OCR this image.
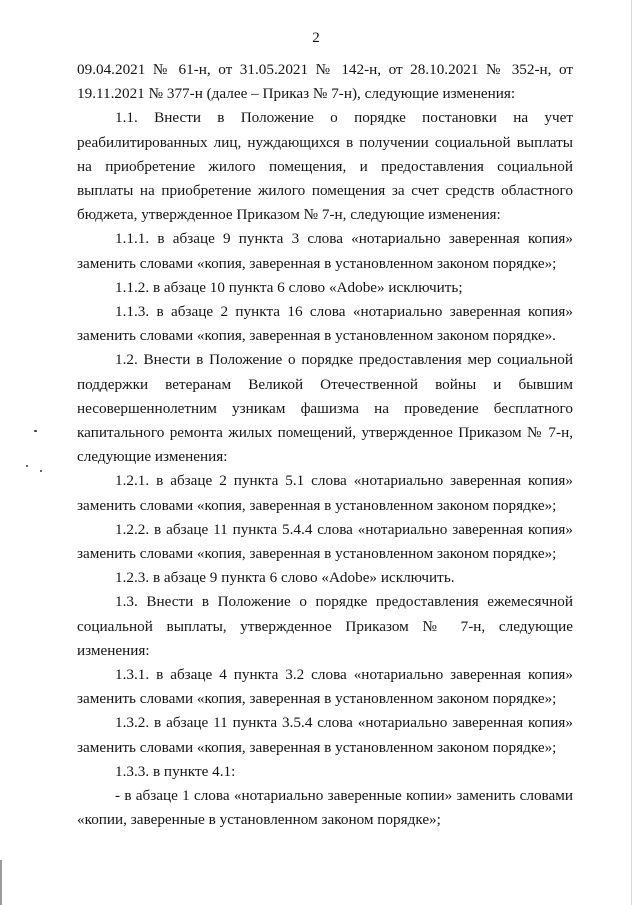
2

09.04.2021 № 61-н, от 31.05.2021 № 142-н, от 28.10.2021 № 352-н, от 19.11.2021 № 377-н (далее – Приказ № 7-н), следующие изменения:

1.1. Внести в Положение о порядке постановки на учет реабилитированных лиц, нуждающихся в получении социальной выплаты на приобретение жилого помещения, и предоставления социальной выплаты на приобретение жилого помещения за счет средств областного бюджета, утвержденное Приказом № 7-н, следующие изменения:

1.1.1. в абзаце 9 пункта 3 слова «нотариально заверенная копия» заменить словами «копия, заверенная в установленном законом порядке»;

1.1.2. в абзаце 10 пункта 6 слово «Adobe» исключить;

1.1.3. в абзаце 2 пункта 16 слова «нотариально заверенная копия» заменить словами «копия, заверенная в установленном законом порядке».

1.2. Внести в Положение о порядке предоставления мер социальной поддержки ветеранам Великой Отечественной войны и бывшим несовершеннолетним узникам фашизма на проведение бесплатного капитального ремонта жилых помещений, утвержденное Приказом № 7-н, следующие изменения:

1.2.1. в абзаце 2 пункта 5.1 слова «нотариально заверенная копия» заменить словами «копия, заверенная в установленном законом порядке»;

1.2.2. в абзаце 11 пункта 5.4.4 слова «нотариально заверенная копия» заменить словами «копия, заверенная в установленном законом порядке»;

1.2.3. в абзаце 9 пункта 6 слово «Adobe» исключить.

1.3. Внести в Положение о порядке предоставления ежемесячной социальной выплаты, утвержденное Приказом № 7-н, следующие изменения:

1.3.1. в абзаце 4 пункта 3.2 слова «нотариально заверенная копия» заменить словами «копия, заверенная в установленном законом порядке»;

1.3.2. в абзаце 11 пункта 3.5.4 слова «нотариально заверенная копия» заменить словами «копия, заверенная в установленном законом порядке»;

1.3.3. в пункте 4.1:

- в абзаце 1 слова «нотариально заверенные копии» заменить словами «копии, заверенные в установленном законом порядке»;
